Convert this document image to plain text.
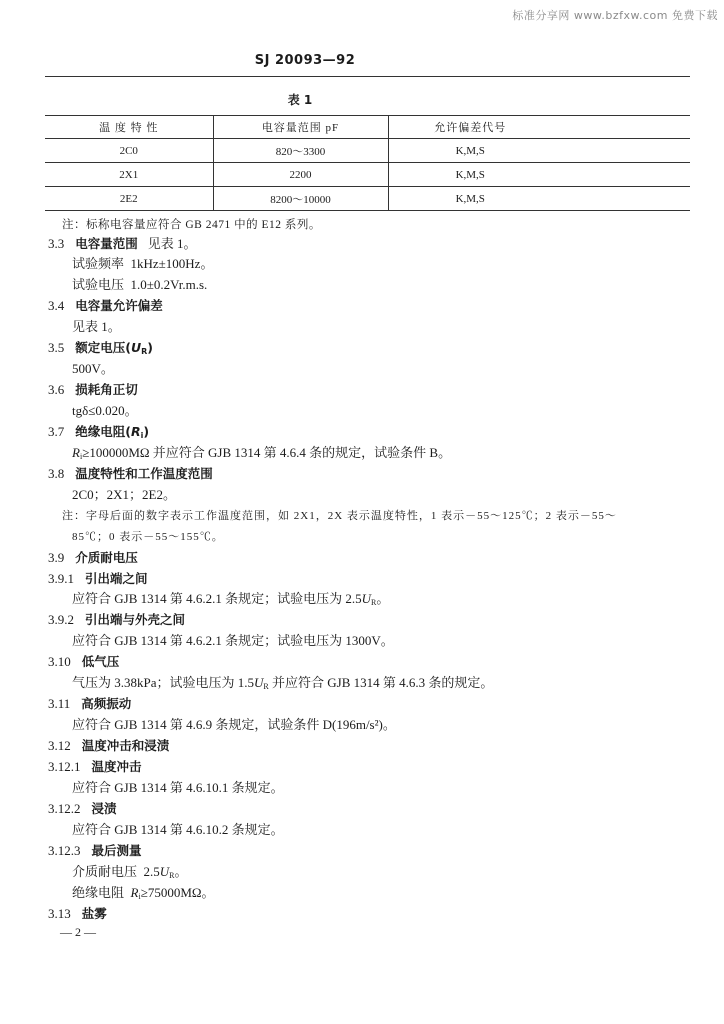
标准分享网 www.bzfxw.com 免费下载
SJ 20093—92
表 1
温 度 特 性	电容量范围 pF	允许偏差代号
2C0	820～3300	K,M,S
2X1	2200	K,M,S
2E2	8200～10000	K,M,S
注：标称电容量应符合 GB 2471 中的 E12 系列。
3.3 电容量范围 见表 1。
试验频率  1kHz±100Hz。
试验电压  1.0±0.2Vr.m.s.
3.4 电容量允许偏差
见表 1。
3.5 额定电压$(U_R)$
500V。
3.6 损耗角正切
tgδ≤0.020。
3.7 绝缘电阻$(R_i)$
$R_i\ge 100000M\Omega$ 并应符合 GJB 1314 第 4.6.4 条的规定，试验条件 B。
3.8 温度特性和工作温度范围
2C0；2X1；2E2。
注：字母后面的数字表示工作温度范围，如 2X1，2X 表示温度特性，1 表示－55～125℃；2 表示－55～
85℃；0 表示－55～155℃。
3.9 介质耐电压
3.9.1 引出端之间
应符合 GJB 1314 第 4.6.2.1 条规定；试验电压为 $2.5U_R$。
3.9.2 引出端与外壳之间
应符合 GJB 1314 第 4.6.2.1 条规定；试验电压为 1300V。
3.10 低气压
气压为 3.38kPa；试验电压为 $1.5U_R$ 并应符合 GJB 1314 第 4.6.3 条的规定。
3.11 高频振动
应符合 GJB 1314 第 4.6.9 条规定，试验条件 D(196m/s²)。
3.12 温度冲击和浸渍
3.12.1 温度冲击
应符合 GJB 1314 第 4.6.10.1 条规定。
3.12.2 浸渍
应符合 GJB 1314 第 4.6.10.2 条规定。
3.12.3 最后测量
介质耐电压  $2.5U_R$。
绝缘电阻  $R_i\ge 75000M\Omega$。
3.13 盐雾
— 2 —
